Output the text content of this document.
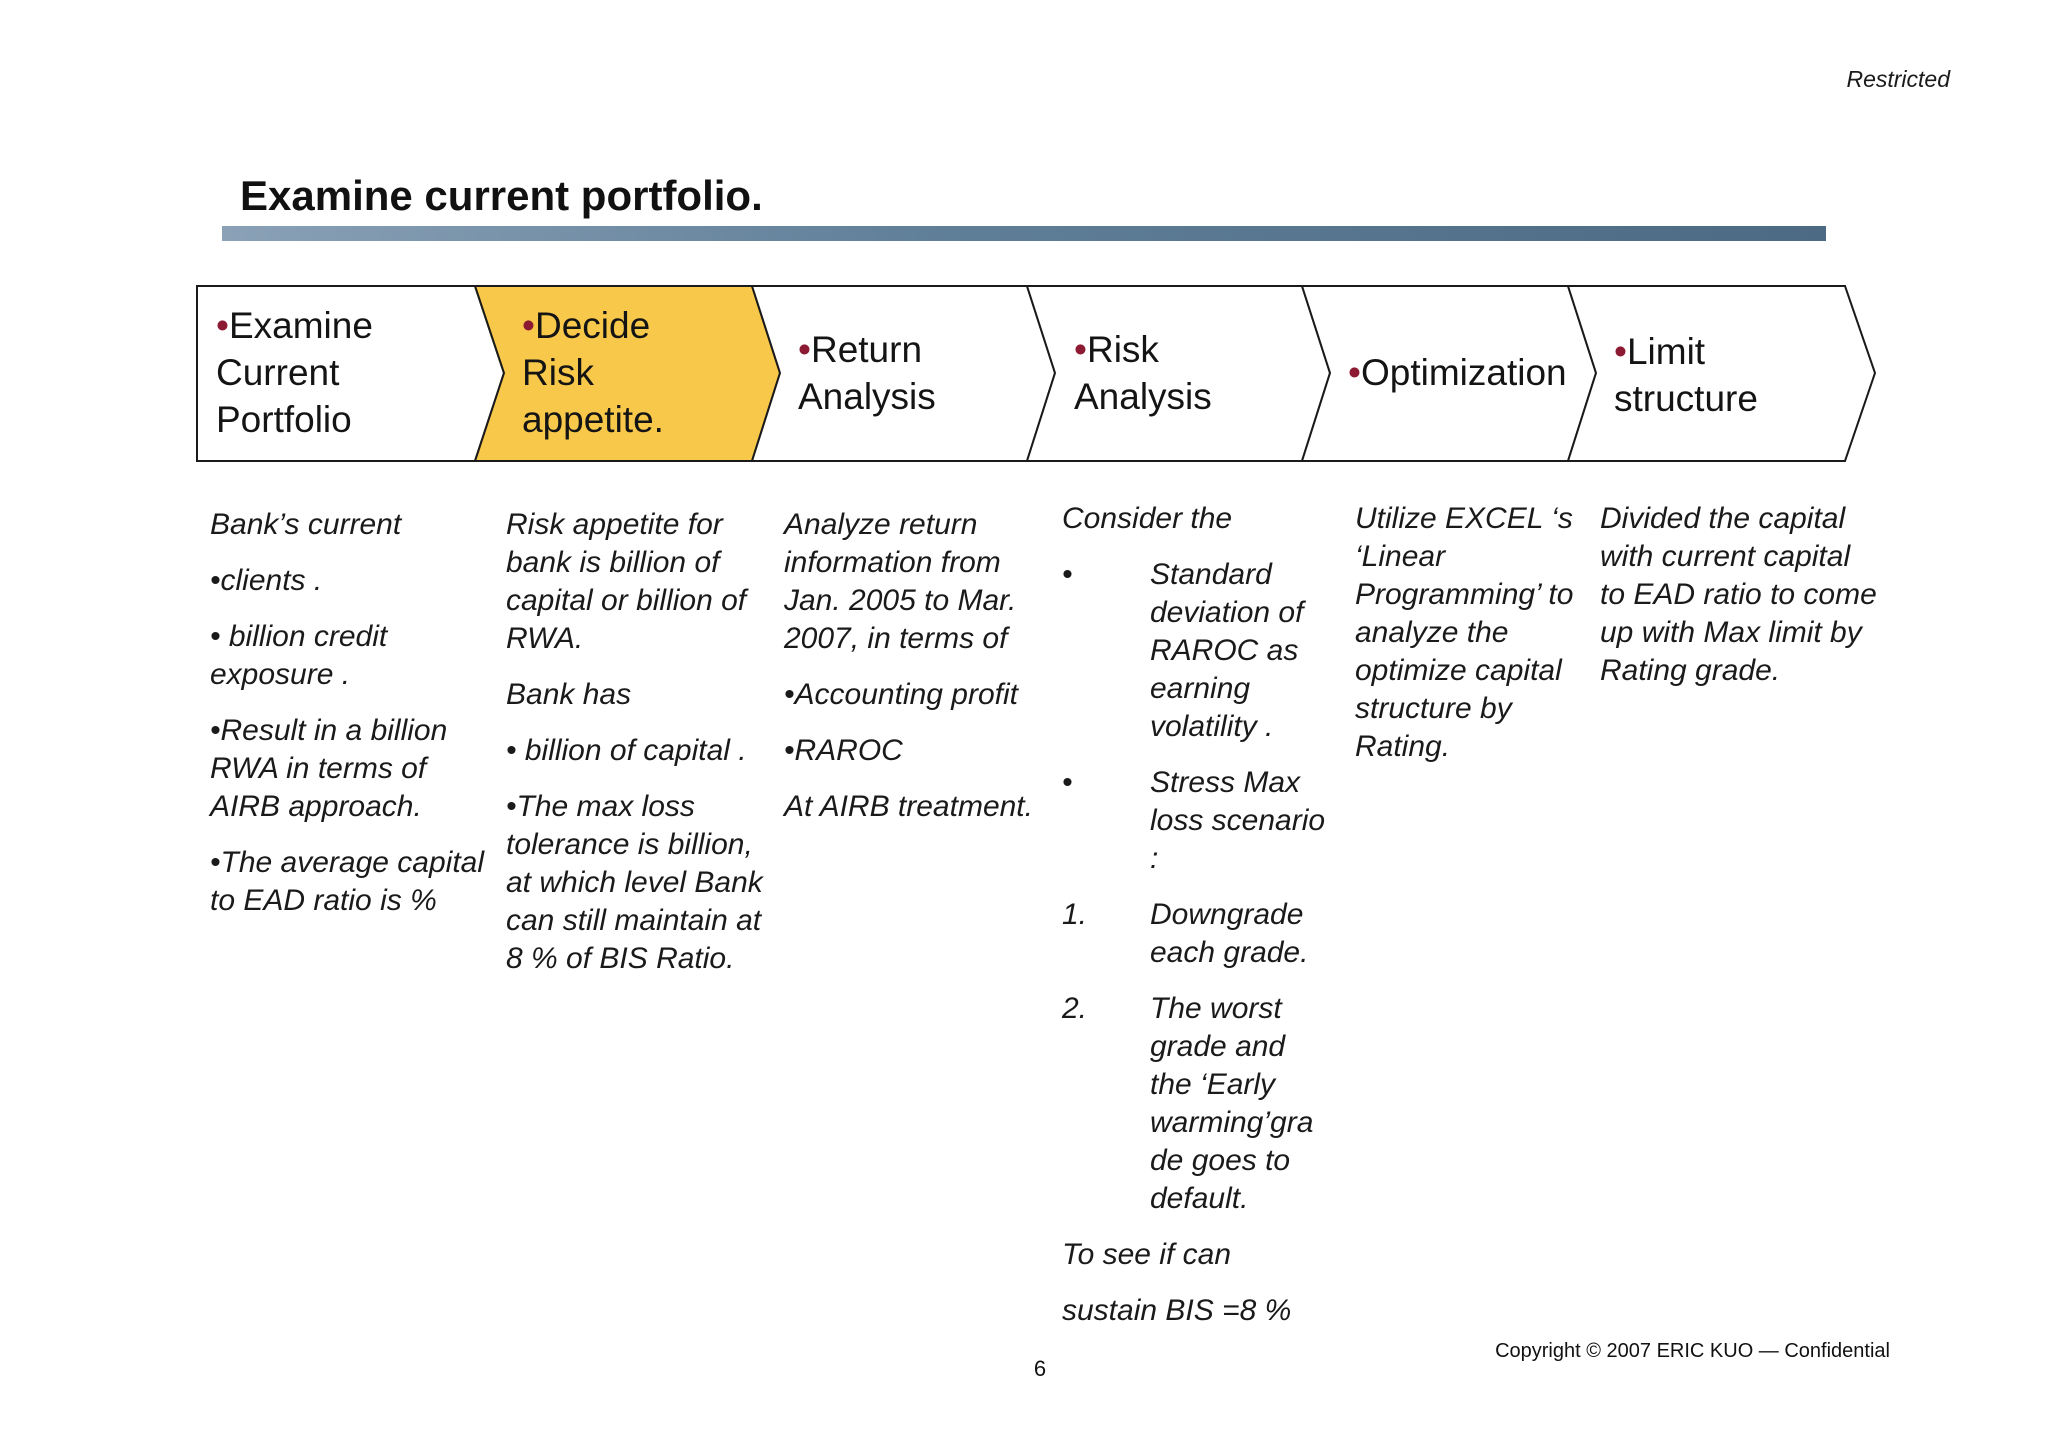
Restricted
Examine current portfolio.
•Examine
Current
Portfolio
•Decide
Risk
appetite.
•Return
Analysis
•Risk
Analysis
•Optimization
•Limit
structure

Bank’s current

•clients .

• billion credit exposure .

•Result in a billion RWA in terms of AIRB approach.

•The average capital to EAD ratio is %

Risk appetite for bank is billion of capital or billion of RWA.

Bank has

• billion of capital .

•The max loss tolerance is billion, at which level Bank can still maintain at 8 % of BIS Ratio.

Analyze return information from Jan. 2005 to Mar. 2007, in terms of

•Accounting profit

•RAROC

At AIRB treatment.

Consider the

•	Standard deviation of RAROC as earning volatility .
•	Stress Max loss scenario :
1.	Downgrade each grade.
2.	The worst grade and the ‘Early warming’gra de goes to default.

To see if can

sustain BIS =8 %

Utilize EXCEL ‘s ‘Linear Programming’ to analyze the optimize capital structure by Rating.

Divided the capital with current capital to EAD ratio to come up with Max limit by Rating grade.

Copyright © 2007 ERIC KUO — Confidential
6
